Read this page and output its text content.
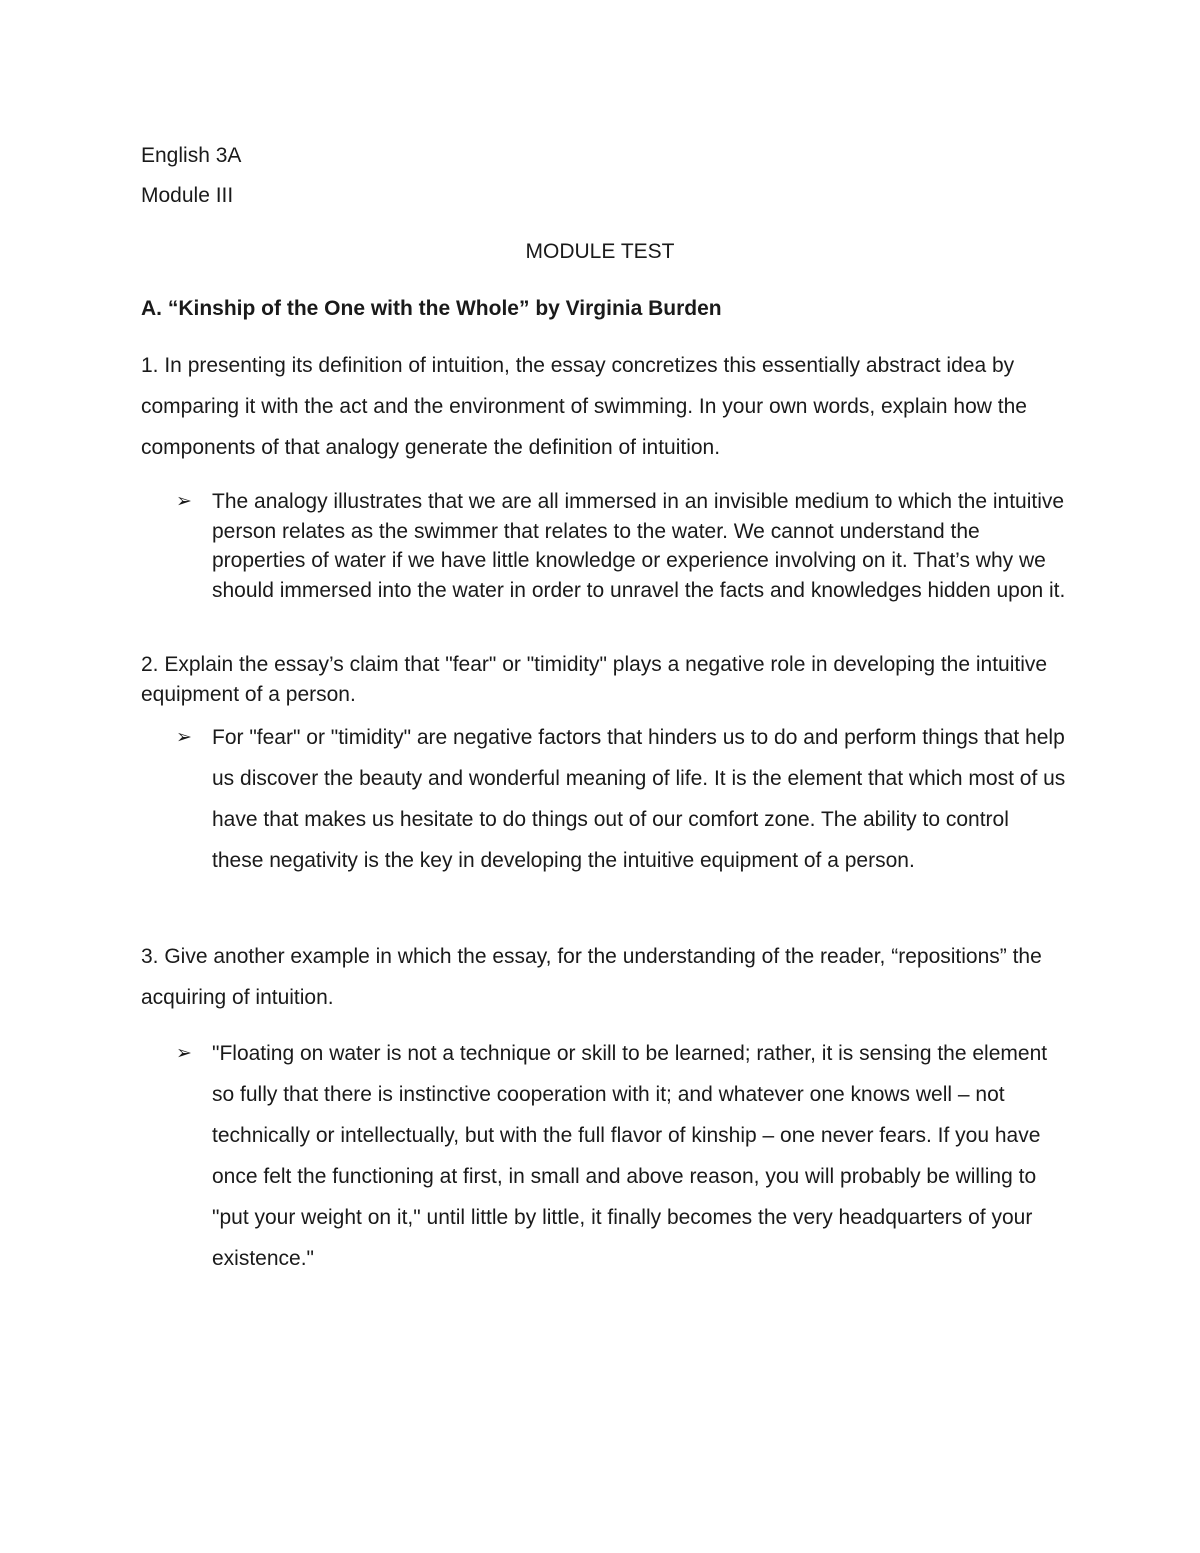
English 3A
Module III
MODULE TEST
A. “Kinship of the One with the Whole” by Virginia Burden

1. In presenting its definition of intuition, the essay concretizes this essentially abstract idea by comparing it with the act and the environment of swimming. In your own words, explain how the components of that analogy generate the definition of intuition.

➢ The analogy illustrates that we are all immersed in an invisible medium to which the intuitive person relates as the swimmer that relates to the water. We cannot understand the properties of water if we have little knowledge or experience involving on it. That’s why we should immersed into the water in order to unravel the facts and knowledges hidden upon it.

2. Explain the essay’s claim that "fear" or "timidity" plays a negative role in developing the intuitive equipment of a person.

➢ For "fear" or "timidity" are negative factors that hinders us to do and perform things that help us discover the beauty and wonderful meaning of life. It is the element that which most of us have that makes us hesitate to do things out of our comfort zone. The ability to control these negativity is the key in developing the intuitive equipment of a person.

3. Give another example in which the essay, for the understanding of the reader, “repositions” the acquiring of intuition.

➢ "Floating on water is not a technique or skill to be learned; rather, it is sensing the element so fully that there is instinctive cooperation with it; and whatever one knows well – not technically or intellectually, but with the full flavor of kinship – one never fears. If you have once felt the functioning at first, in small and above reason, you will probably be willing to "put your weight on it," until little by little, it finally becomes the very headquarters of your existence."
